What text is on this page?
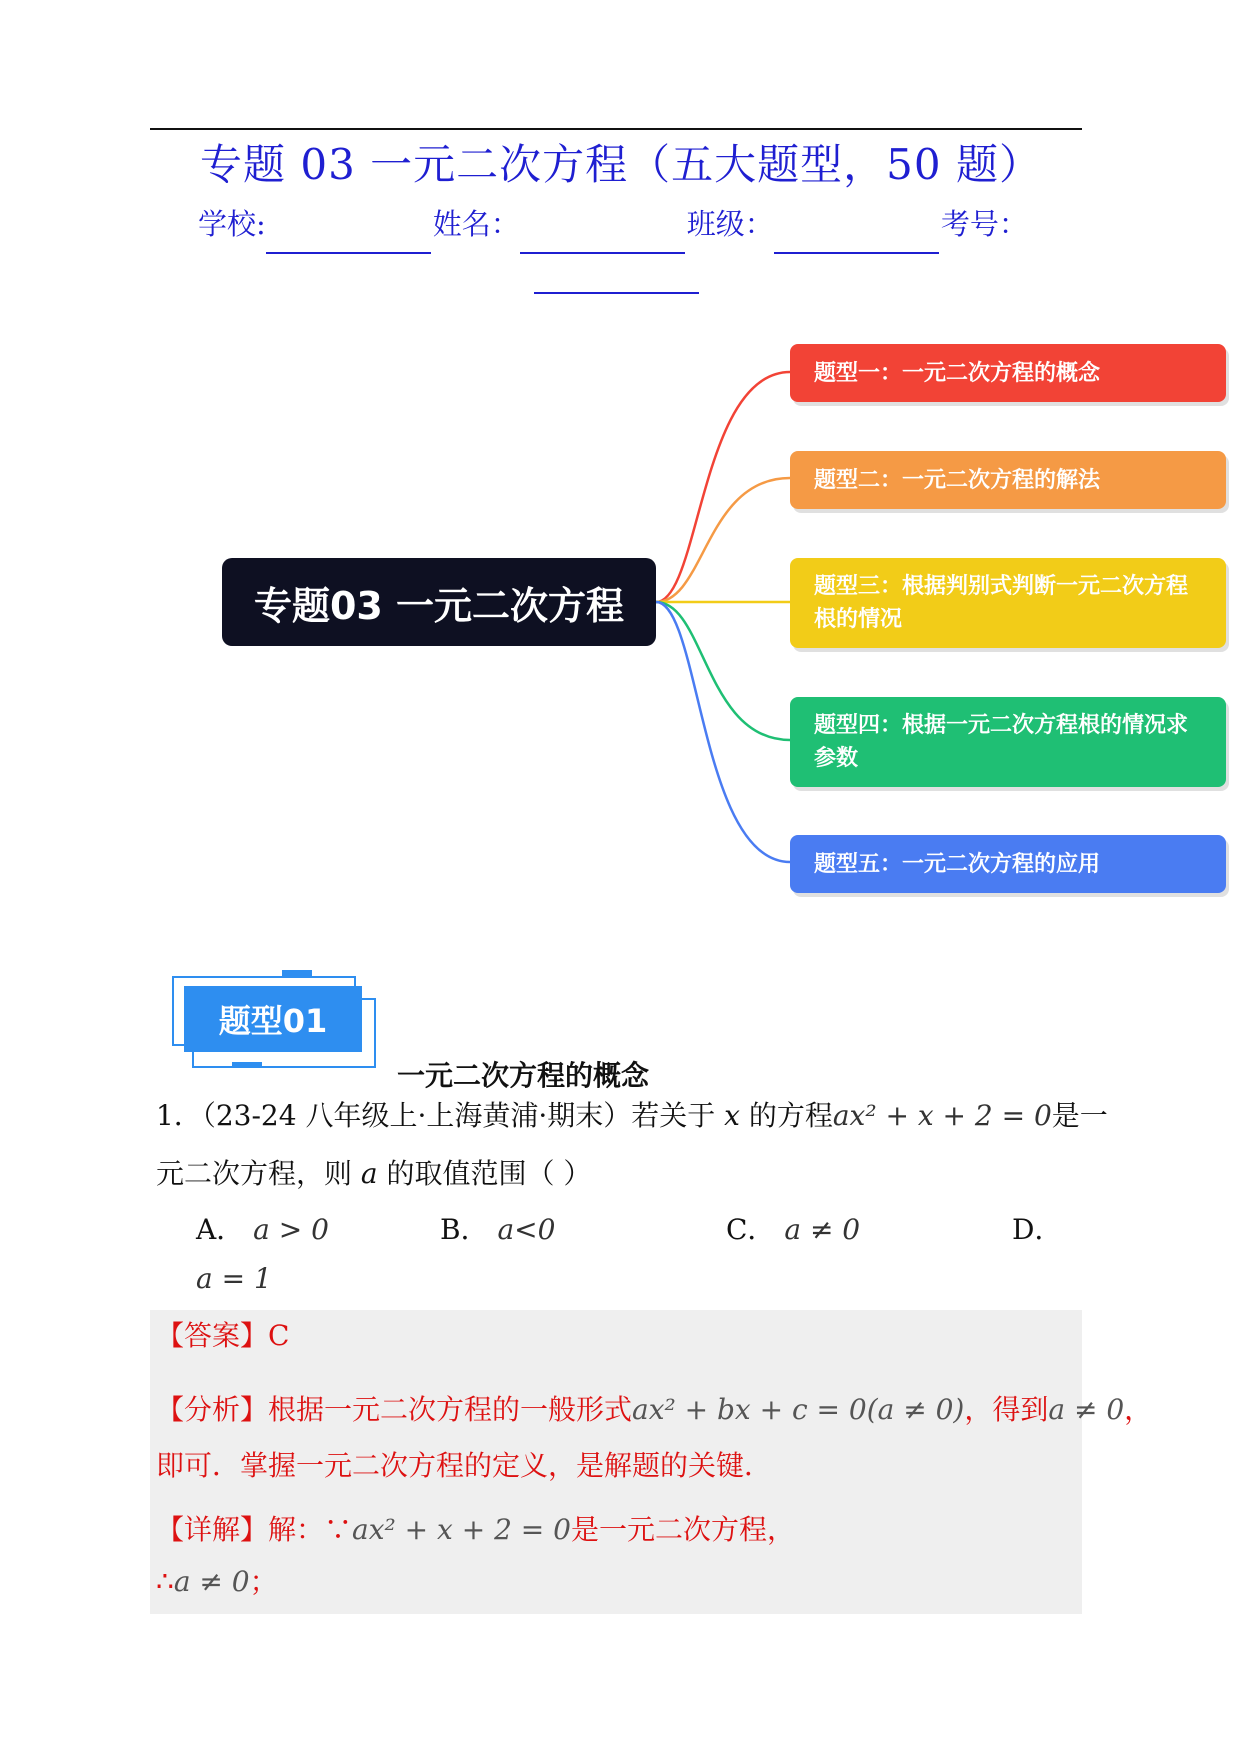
专题 03 一元二次方程（五大题型，50 题）
学校:	姓名：	班级：	考号：
专题03 一元二次方程
题型一：一元二次方程的概念
题型二：一元二次方程的解法
题型三：根据判别式判断一元二次方程根的情况
题型四：根据一元二次方程根的情况求参数
题型五：一元二次方程的应用
题型01
一元二次方程的概念
1．（23-24 八年级上·上海黄浦·期末）若关于 x 的方程ax² + x + 2 = 0是一
元二次方程，则 a 的取值范围（ ）
A． a > 0	B． a<0	C． a ≠ 0	D．
a = 1
【答案】C
【分析】根据一元二次方程的一般形式ax² + bx + c = 0(a ≠ 0)，得到a ≠ 0，
即可．掌握一元二次方程的定义，是解题的关键．
【详解】解：∵ax² + x + 2 = 0是一元二次方程，
∴a ≠ 0；
